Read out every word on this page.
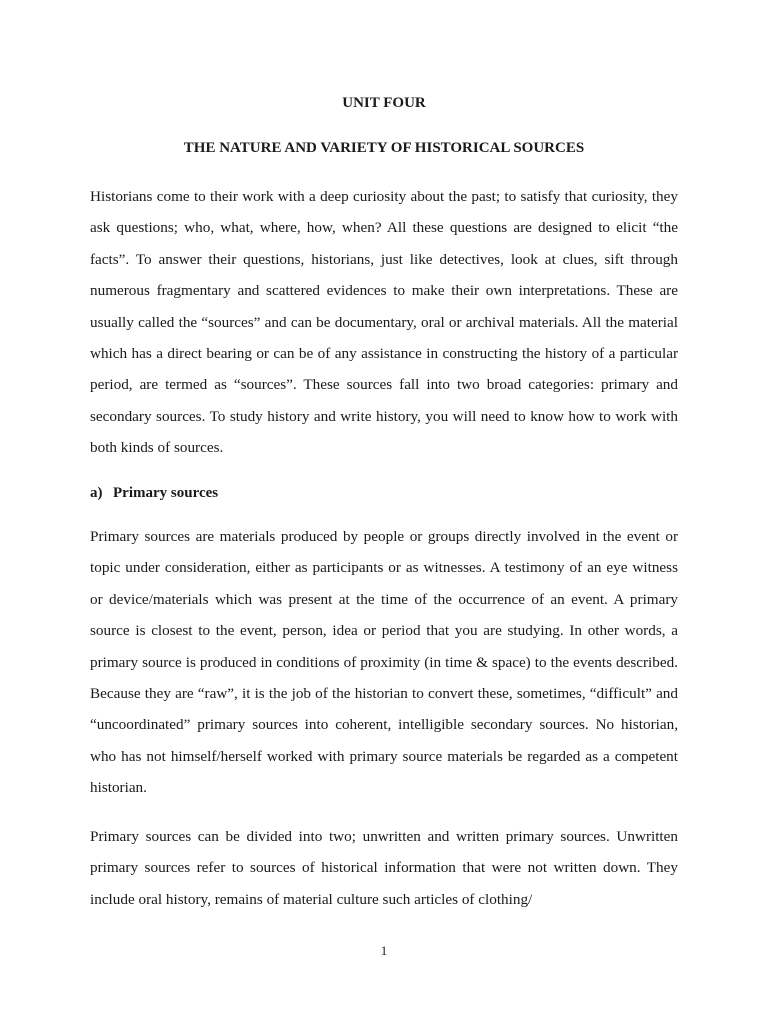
UNIT FOUR
THE NATURE AND VARIETY OF HISTORICAL SOURCES

Historians come to their work with a deep curiosity about the past; to satisfy that curiosity, they ask questions; who, what, where, how, when? All these questions are designed to elicit “the facts”. To answer their questions, historians, just like detectives, look at clues, sift through numerous fragmentary and scattered evidences to make their own interpretations. These are usually called the “sources” and can be documentary, oral or archival materials. All the material which has a direct bearing or can be of any assistance in constructing the history of a particular period, are termed as “sources”. These sources fall into two broad categories: primary and secondary sources. To study history and write history, you will need to know how to work with both kinds of sources.

a) Primary sources

Primary sources are materials produced by people or groups directly involved in the event or topic under consideration, either as participants or as witnesses. A testimony of an eye witness or device/materials which was present at the time of the occurrence of an event. A primary source is closest to the event, person, idea or period that you are studying. In other words, a primary source is produced in conditions of proximity (in time & space) to the events described. Because they are “raw”, it is the job of the historian to convert these, sometimes, “difficult” and “uncoordinated” primary sources into coherent, intelligible secondary sources. No historian, who has not himself/herself worked with primary source materials be regarded as a competent historian.

Primary sources can be divided into two; unwritten and written primary sources. Unwritten primary sources refer to sources of historical information that were not written down. They include oral history, remains of material culture such articles of clothing/

1
